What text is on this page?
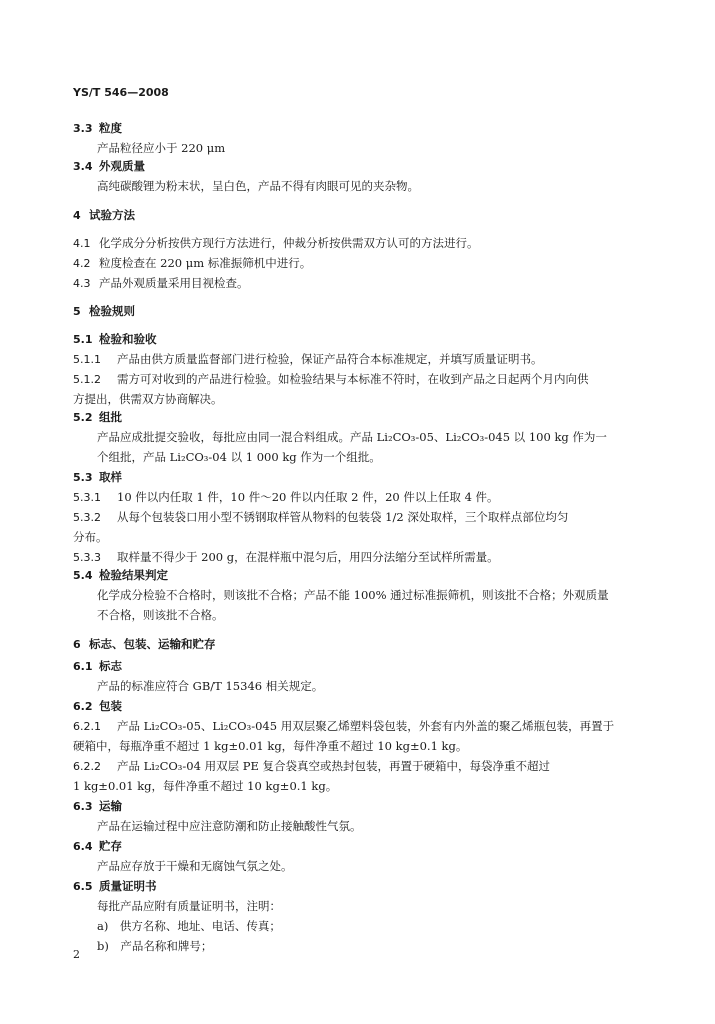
YS/T 546—2008
3.3 粒度
产品粒径应小于 220 μm
3.4 外观质量
高纯碳酸锂为粉末状，呈白色，产品不得有肉眼可见的夹杂物。
4 试验方法
4.1 化学成分分析按供方现行方法进行，仲裁分析按供需双方认可的方法进行。
4.2 粒度检查在 220 μm 标准振筛机中进行。
4.3 产品外观质量采用目视检查。
5 检验规则
5.1 检验和验收
5.1.1 产品由供方质量监督部门进行检验，保证产品符合本标准规定，并填写质量证明书。
5.1.2 需方可对收到的产品进行检验。如检验结果与本标准不符时，在收到产品之日起两个月内向供
方提出，供需双方协商解决。
5.2 组批
产品应成批提交验收，每批应由同一混合料组成。产品 Li₂CO₃-05、Li₂CO₃-045 以 100 kg 作为一
个组批，产品 Li₂CO₃-04 以 1 000 kg 作为一个组批。
5.3 取样
5.3.1 10 件以内任取 1 件，10 件～20 件以内任取 2 件，20 件以上任取 4 件。
5.3.2 从每个包装袋口用小型不锈钢取样管从物料的包装袋 1/2 深处取样，三个取样点部位均匀
分布。
5.3.3 取样量不得少于 200 g，在混样瓶中混匀后，用四分法缩分至试样所需量。
5.4 检验结果判定
化学成分检验不合格时，则该批不合格；产品不能 100% 通过标准振筛机，则该批不合格；外观质量
不合格，则该批不合格。
6 标志、包装、运输和贮存
6.1 标志
产品的标准应符合 GB/T 15346 相关规定。
6.2 包装
6.2.1 产品 Li₂CO₃-05、Li₂CO₃-045 用双层聚乙烯塑料袋包装，外套有内外盖的聚乙烯瓶包装，再置于
硬箱中，每瓶净重不超过 1 kg±0.01 kg，每件净重不超过 10 kg±0.1 kg。
6.2.2 产品 Li₂CO₃-04 用双层 PE 复合袋真空或热封包装，再置于硬箱中，每袋净重不超过
1 kg±0.01 kg，每件净重不超过 10 kg±0.1 kg。
6.3 运输
产品在运输过程中应注意防潮和防止接触酸性气氛。
6.4 贮存
产品应存放于干燥和无腐蚀气氛之处。
6.5 质量证明书
每批产品应附有质量证明书，注明：
a)　供方名称、地址、电话、传真；
b)　产品名称和牌号；
2
